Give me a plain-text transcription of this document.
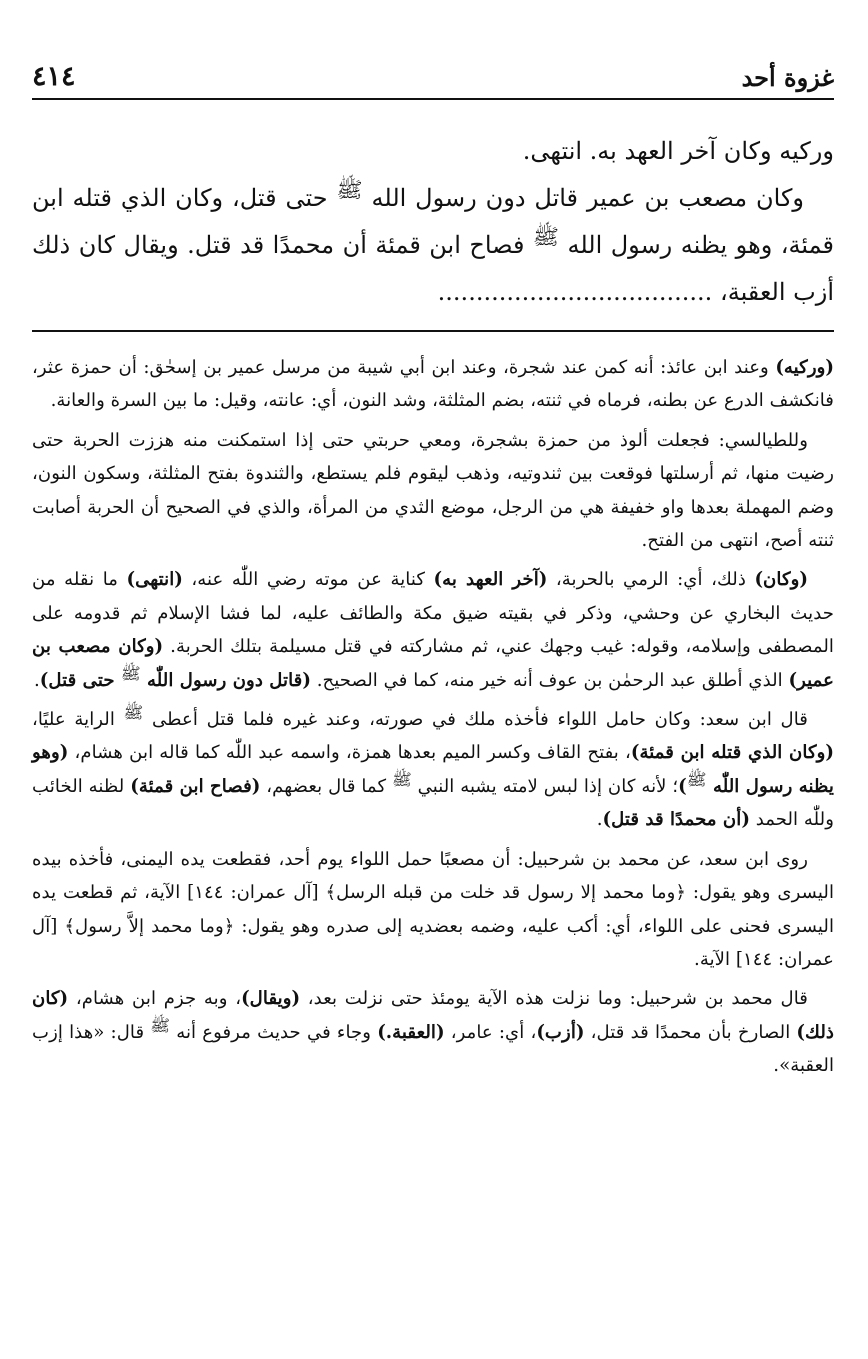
غزوة أحد
٤١٤

وركيه وكان آخر العهد به. انتهى.

وكان مصعب بن عمير قاتل دون رسول الله ﷺ حتى قتل، وكان الذي قتله ابن قمئة، وهو يظنه رسول الله ﷺ فصاح ابن قمئة أن محمدًا قد قتل. ويقال كان ذلك أزب العقبة، ....................................

(وركيه) وعند ابن عائذ: أنه كمن عند شجرة، وعند ابن أبي شيبة من مرسل عمير بن إسحٰق: أن حمزة عثر، فانكشف الدرع عن بطنه، فرماه في ثنته، بضم المثلثة، وشد النون، أي: عانته، وقيل: ما بين السرة والعانة.

وللطيالسي: فجعلت ألوذ من حمزة بشجرة، ومعي حربتي حتى إذا استمكنت منه هززت الحربة حتى رضيت منها، ثم أرسلتها فوقعت بين ثندوتيه، وذهب ليقوم فلم يستطع، والثندوة بفتح المثلثة، وسكون النون، وضم المهملة بعدها واو خفيفة هي من الرجل، موضع الثدي من المرأة، والذي في الصحيح أن الحربة أصابت ثنته أصح، انتهى من الفتح.

(وكان) ذلك، أي: الرمي بالحربة، (آخر العهد به) كناية عن موته رضي اللّٰه عنه، (انتهى) ما نقله من حديث البخاري عن وحشي، وذكر في بقيته ضيق مكة والطائف عليه، لما فشا الإسلام ثم قدومه على المصطفى وإسلامه، وقوله: غيب وجهك عني، ثم مشاركته في قتل مسيلمة بتلك الحربة. (وكان مصعب بن عمير) الذي أطلق عبد الرحمٰن بن عوف أنه خير منه، كما في الصحيح. (قاتل دون رسول اللّٰه ﷺ حتى قتل).

قال ابن سعد: وكان حامل اللواء فأخذه ملك في صورته، وعند غيره فلما قتل أعطى ﷺ الراية عليًا، (وكان الذي قتله ابن قمئة)، بفتح القاف وكسر الميم بعدها همزة، واسمه عبد اللّٰه كما قاله ابن هشام، (وهو يظنه رسول اللّٰه ﷺ)؛ لأنه كان إذا لبس لامته يشبه النبي ﷺ كما قال بعضهم، (فصاح ابن قمئة) لظنه الخائب وللّٰه الحمد (أن محمدًا قد قتل).

روى ابن سعد، عن محمد بن شرحبيل: أن مصعبًا حمل اللواء يوم أحد، فقطعت يده اليمنى، فأخذه بيده اليسرى وهو يقول: ﴿وما محمد إلا رسول قد خلت من قبله الرسل﴾ [آل عمران: ١٤٤] الآية، ثم قطعت يده اليسرى فحنى على اللواء، أي: أكب عليه، وضمه بعضديه إلى صدره وهو يقول: ﴿وما محمد إلاَّ رسول﴾ [آل عمران: ١٤٤] الآية.

قال محمد بن شرحبيل: وما نزلت هذه الآية يومئذ حتى نزلت بعد، (ويقال)، وبه جزم ابن هشام، (كان ذلك) الصارخ بأن محمدًا قد قتل، (أزب)، أي: عامر، (العقبة.) وجاء في حديث مرفوع أنه ﷺ قال: «هذا إزب العقبة».
